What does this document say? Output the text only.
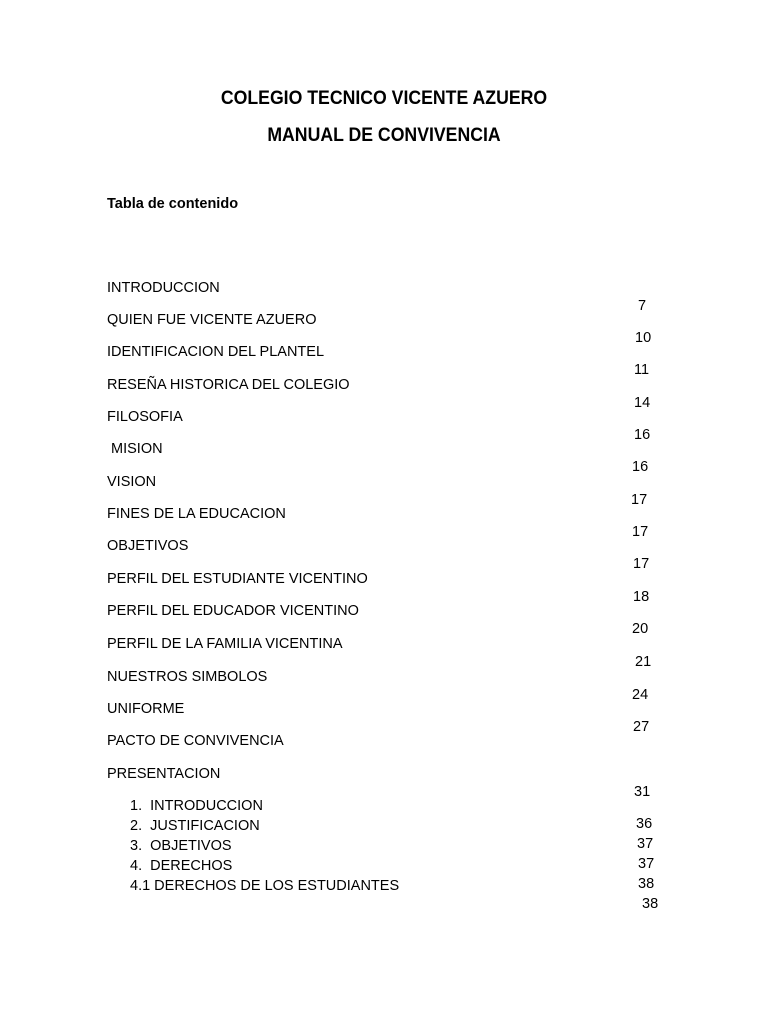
COLEGIO TECNICO VICENTE AZUERO
MANUAL DE CONVIVENCIA
Tabla de contenido

INTRODUCCION

7

QUIEN FUE VICENTE AZUERO

10

IDENTIFICACION DEL PLANTEL

11

RESEÑA HISTORICA DEL COLEGIO

14

FILOSOFIA

16

MISION

16

VISION

17

FINES DE LA EDUCACION

17

OBJETIVOS

17

PERFIL DEL ESTUDIANTE VICENTINO

18

PERFIL DEL EDUCADOR VICENTINO

20

PERFIL DE LA FAMILIA VICENTINA

21

NUESTROS SIMBOLOS

24

UNIFORME

27

PACTO DE CONVIVENCIA

PRESENTACION

31

1.  INTRODUCCION

36

2.  JUSTIFICACION

37

3.  OBJETIVOS

37

4.  DERECHOS

38

4.1 DERECHOS DE LOS ESTUDIANTES

38
